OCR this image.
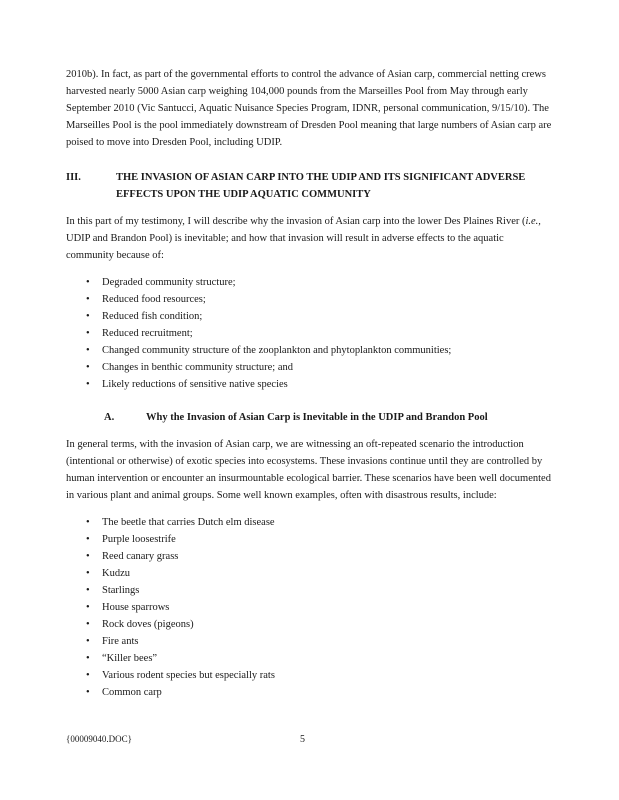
2010b). In fact, as part of the governmental efforts to control the advance of Asian carp, commercial netting crews harvested nearly 5000 Asian carp weighing 104,000 pounds from the Marseilles Pool from May through early September 2010 (Vic Santucci, Aquatic Nuisance Species Program, IDNR, personal communication, 9/15/10). The Marseilles Pool is the pool immediately downstream of Dresden Pool meaning that large numbers of Asian carp are poised to move into Dresden Pool, including UDIP.

III.	THE INVASION OF ASIAN CARP INTO THE UDIP AND ITS SIGNIFICANT ADVERSE EFFECTS UPON THE UDIP AQUATIC COMMUNITY

In this part of my testimony, I will describe why the invasion of Asian carp into the lower Des Plaines River (i.e., UDIP and Brandon Pool) is inevitable; and how that invasion will result in adverse effects to the aquatic community because of:

•	Degraded community structure;
•	Reduced food resources;
•	Reduced fish condition;
•	Reduced recruitment;
•	Changed community structure of the zooplankton and phytoplankton communities;
•	Changes in benthic community structure; and
•	Likely reductions of sensitive native species
A.	Why the Invasion of Asian Carp is Inevitable in the UDIP and Brandon Pool

In general terms, with the invasion of Asian carp, we are witnessing an oft-repeated scenario the introduction (intentional or otherwise) of exotic species into ecosystems. These invasions continue until they are controlled by human intervention or encounter an insurmountable ecological barrier. These scenarios have been well documented in various plant and animal groups. Some well known examples, often with disastrous results, include:

•	The beetle that carries Dutch elm disease
•	Purple loosestrife
•	Reed canary grass
•	Kudzu
•	Starlings
•	House sparrows
•	Rock doves (pigeons)
•	Fire ants
•	“Killer bees”
•	Various rodent species but especially rats
•	Common carp
{00009040.DOC}	5
